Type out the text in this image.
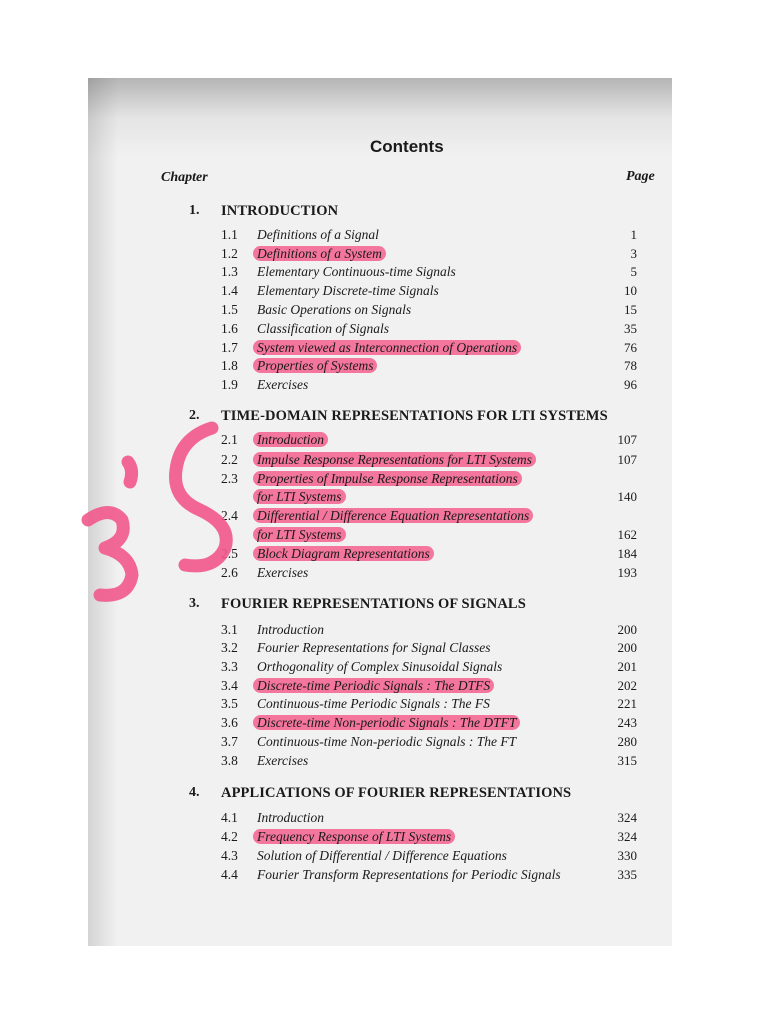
Contents
Chapter	Page
1. INTRODUCTION
1.1 Definitions of a Signal	1
1.2 Definitions of a System	3
1.3 Elementary Continuous-time Signals	5
1.4 Elementary Discrete-time Signals	10
1.5 Basic Operations on Signals	15
1.6 Classification of Signals	35
1.7 System viewed as Interconnection of Operations	76
1.8 Properties of Systems	78
1.9 Exercises	96
2. TIME-DOMAIN REPRESENTATIONS FOR LTI SYSTEMS
2.1 Introduction	107
2.2 Impulse Response Representations for LTI Systems	107
2.3 Properties of Impulse Response Representations
for LTI Systems	140
2.4 Differential / Difference Equation Representations
for LTI Systems	162
2.5 Block Diagram Representations	184
2.6 Exercises	193
3. FOURIER REPRESENTATIONS OF SIGNALS
3.1 Introduction	200
3.2 Fourier Representations for Signal Classes	200
3.3 Orthogonality of Complex Sinusoidal Signals	201
3.4 Discrete-time Periodic Signals : The DTFS	202
3.5 Continuous-time Periodic Signals : The FS	221
3.6 Discrete-time Non-periodic Signals : The DTFT	243
3.7 Continuous-time Non-periodic Signals : The FT	280
3.8 Exercises	315
4. APPLICATIONS OF FOURIER REPRESENTATIONS
4.1 Introduction	324
4.2 Frequency Response of LTI Systems	324
4.3 Solution of Differential / Difference Equations	330
4.4 Fourier Transform Representations for Periodic Signals	335
